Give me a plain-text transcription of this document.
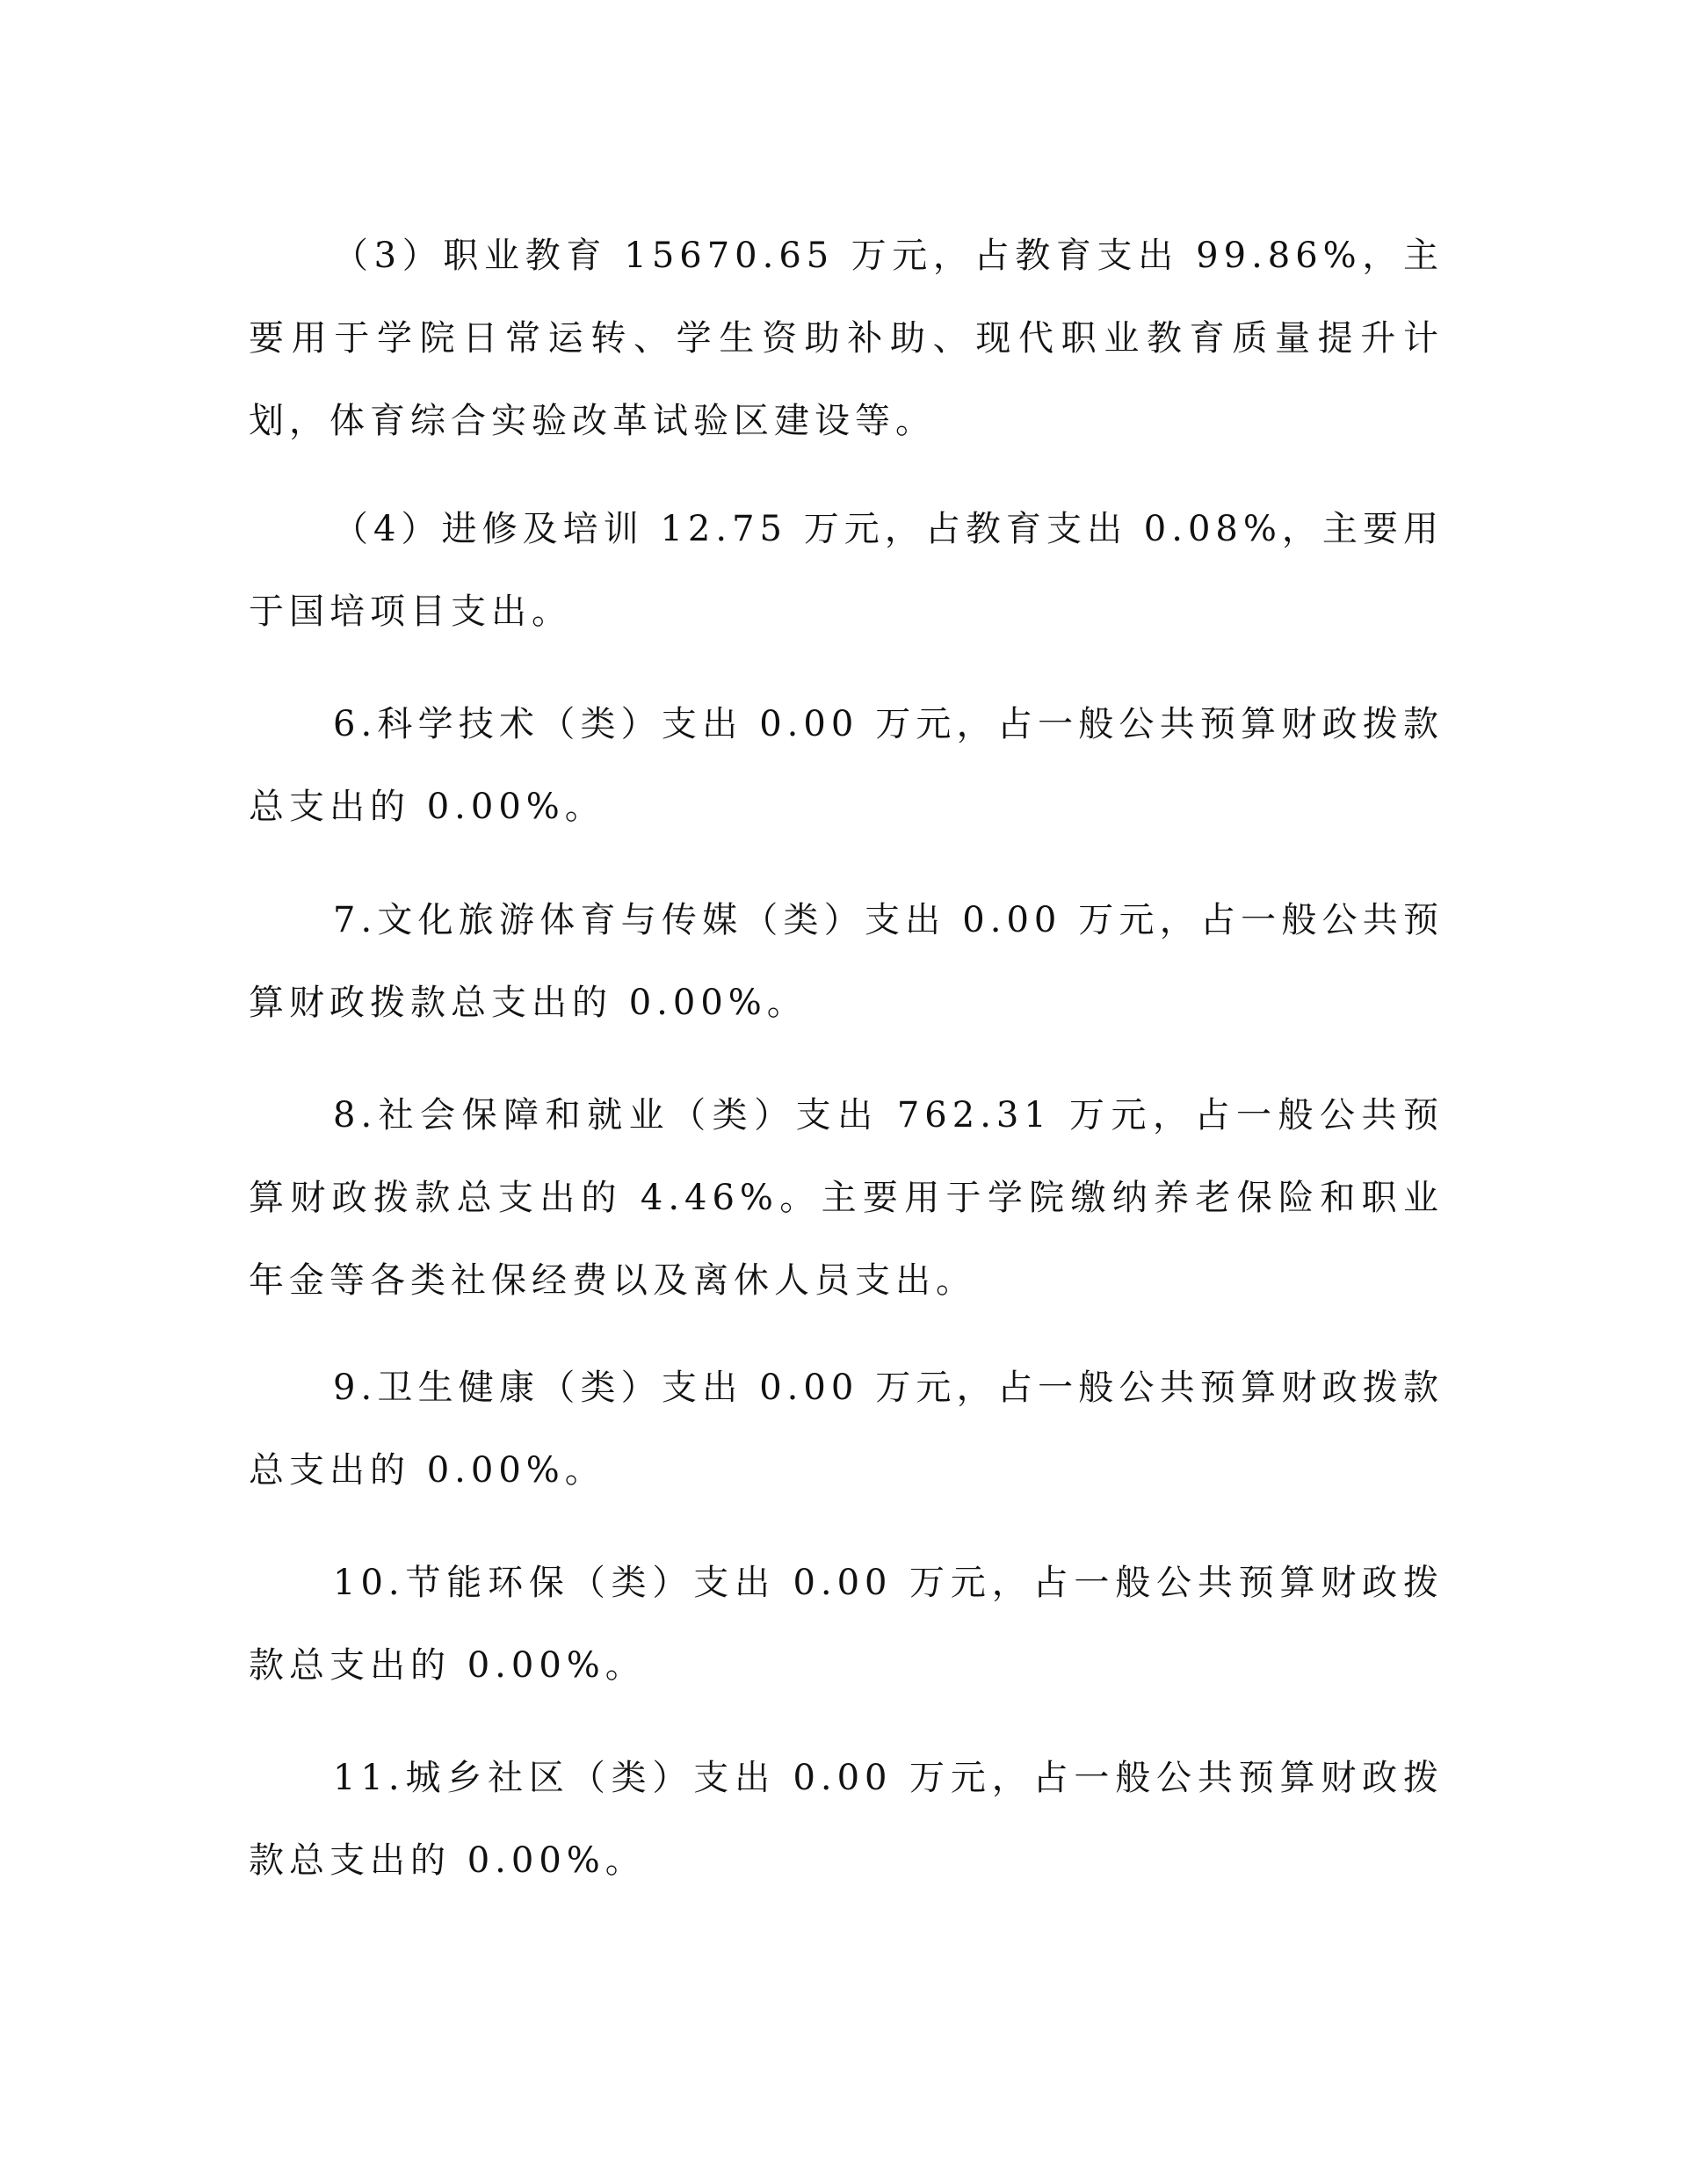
（3）职业教育 15670.65 万元，占教育支出 99.86%，主要用于学院日常运转、学生资助补助、现代职业教育质量提升计划，体育综合实验改革试验区建设等。

（4）进修及培训 12.75 万元，占教育支出 0.08%，主要用于国培项目支出。

6.科学技术（类）支出 0.00 万元，占一般公共预算财政拨款总支出的 0.00%。

7.文化旅游体育与传媒（类）支出 0.00 万元，占一般公共预算财政拨款总支出的 0.00%。

8.社会保障和就业（类）支出 762.31 万元，占一般公共预算财政拨款总支出的 4.46%。主要用于学院缴纳养老保险和职业年金等各类社保经费以及离休人员支出。

9.卫生健康（类）支出 0.00 万元，占一般公共预算财政拨款总支出的 0.00%。

10.节能环保（类）支出 0.00 万元，占一般公共预算财政拨款总支出的 0.00%。

11.城乡社区（类）支出 0.00 万元，占一般公共预算财政拨款总支出的 0.00%。
